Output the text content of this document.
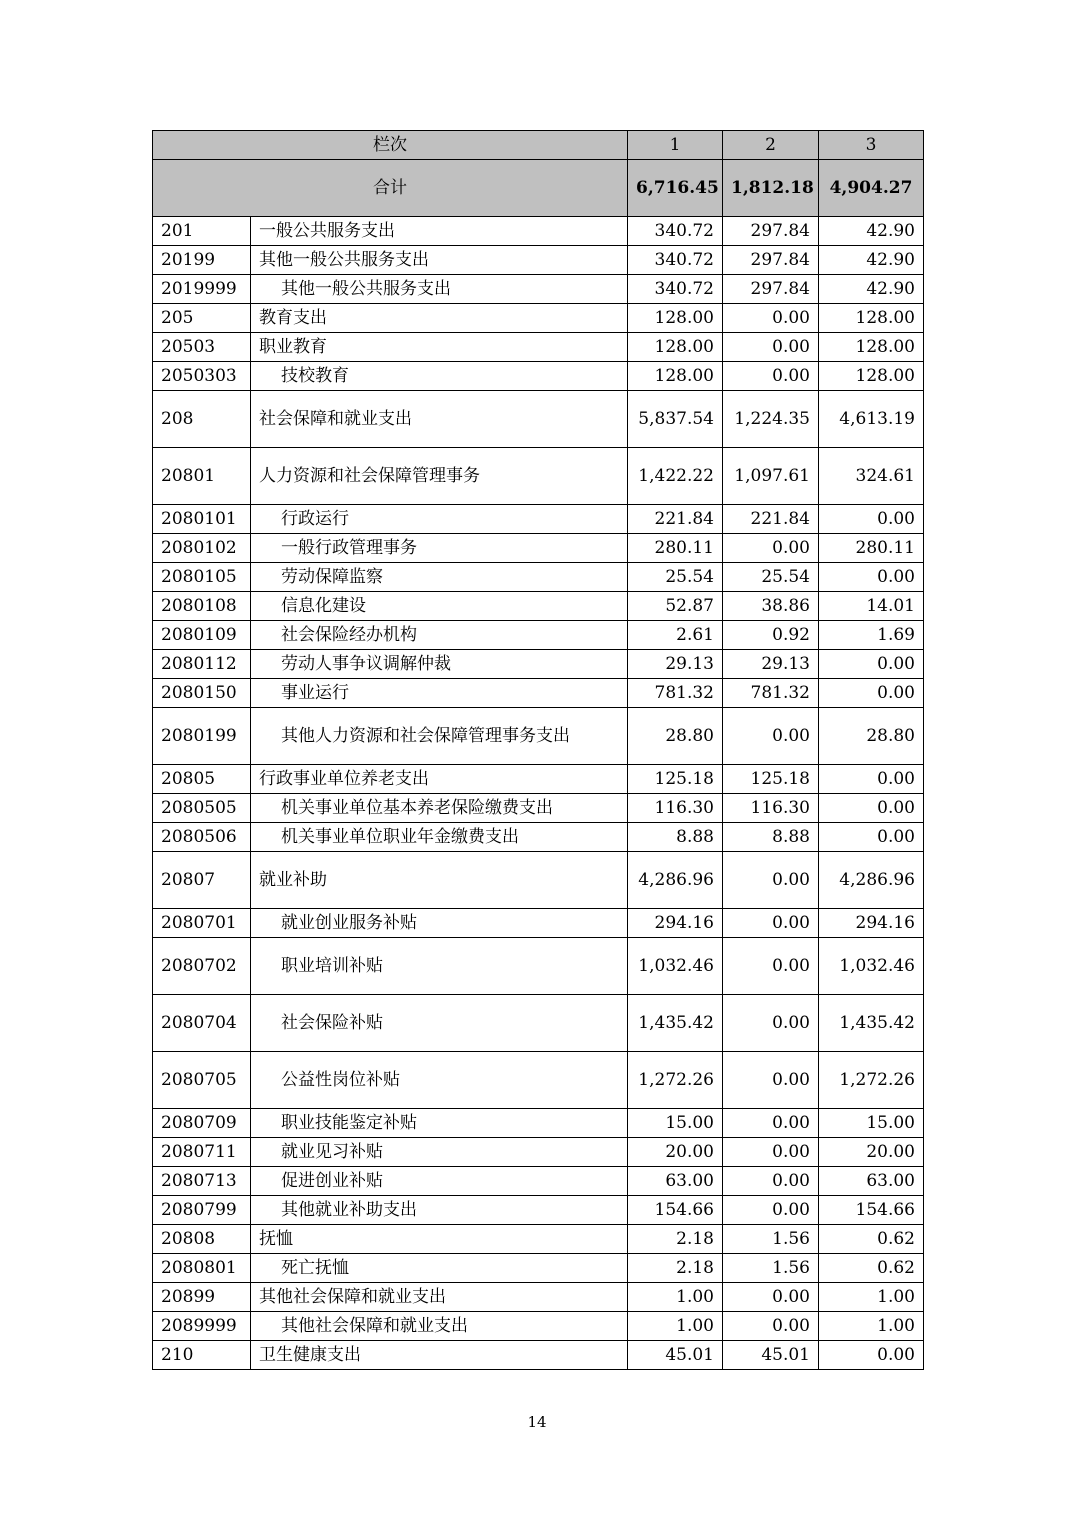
栏次		1	2	3
合计		6,716.45	1,812.18	4,904.27
201	一般公共服务支出	340.72	297.84	42.90
20199	其他一般公共服务支出	340.72	297.84	42.90
2019999	其他一般公共服务支出	340.72	297.84	42.90
205	教育支出	128.00	0.00	128.00
20503	职业教育	128.00	0.00	128.00
2050303	技校教育	128.00	0.00	128.00
208	社会保障和就业支出	5,837.54	1,224.35	4,613.19
20801	人力资源和社会保障管理事务	1,422.22	1,097.61	324.61
2080101	行政运行	221.84	221.84	0.00
2080102	一般行政管理事务	280.11	0.00	280.11
2080105	劳动保障监察	25.54	25.54	0.00
2080108	信息化建设	52.87	38.86	14.01
2080109	社会保险经办机构	2.61	0.92	1.69
2080112	劳动人事争议调解仲裁	29.13	29.13	0.00
2080150	事业运行	781.32	781.32	0.00
2080199	其他人力资源和社会保障管理事务支出	28.80	0.00	28.80
20805	行政事业单位养老支出	125.18	125.18	0.00
2080505	机关事业单位基本养老保险缴费支出	116.30	116.30	0.00
2080506	机关事业单位职业年金缴费支出	8.88	8.88	0.00
20807	就业补助	4,286.96	0.00	4,286.96
2080701	就业创业服务补贴	294.16	0.00	294.16
2080702	职业培训补贴	1,032.46	0.00	1,032.46
2080704	社会保险补贴	1,435.42	0.00	1,435.42
2080705	公益性岗位补贴	1,272.26	0.00	1,272.26
2080709	职业技能鉴定补贴	15.00	0.00	15.00
2080711	就业见习补贴	20.00	0.00	20.00
2080713	促进创业补贴	63.00	0.00	63.00
2080799	其他就业补助支出	154.66	0.00	154.66
20808	抚恤	2.18	1.56	0.62
2080801	死亡抚恤	2.18	1.56	0.62
20899	其他社会保障和就业支出	1.00	0.00	1.00
2089999	其他社会保障和就业支出	1.00	0.00	1.00
210	卫生健康支出	45.01	45.01	0.00
14
